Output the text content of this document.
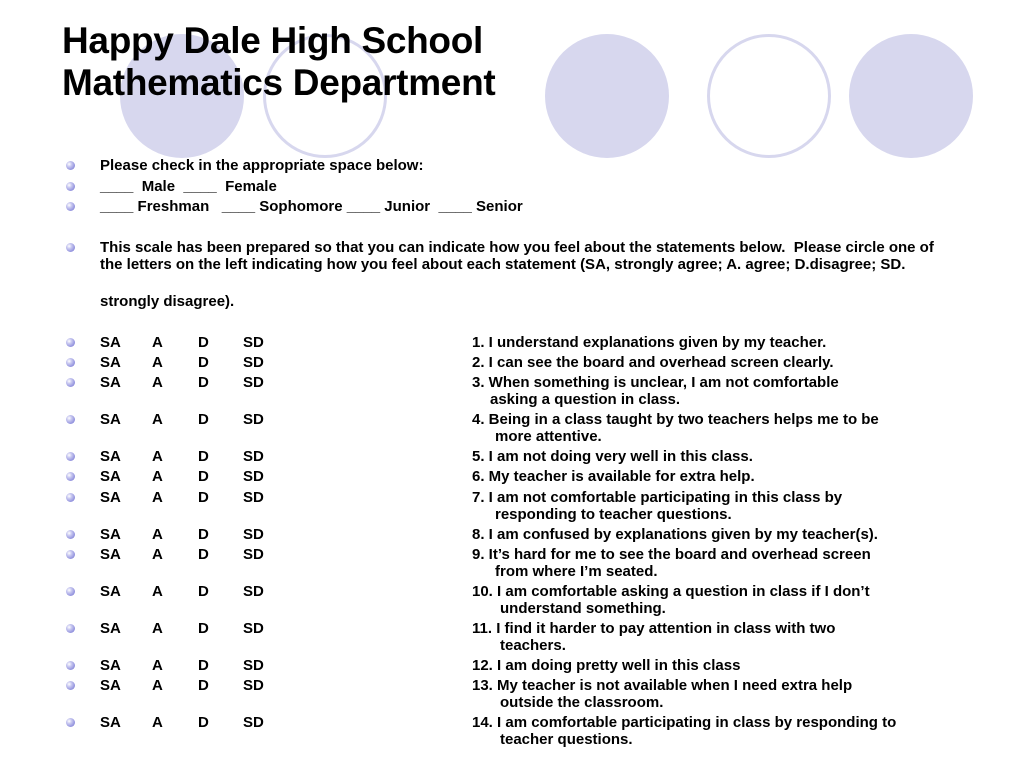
Happy Dale High School
Mathematics Department
Please check in the appropriate space below:
____  Male  ____  Female
____ Freshman   ____ Sophomore ____ Junior  ____ Senior
This scale has been prepared so that you can indicate how you feel about the statements below.  Please circle one of the letters on the left indicating how you feel about each statement (SA, strongly agree; A. agree; D.disagree; SD.
strongly disagree).
SA A D SD	1. I understand explanations given by my teacher.
SA A D SD	2. I can see the board and overhead screen clearly.
SA A D SD	3. When something is unclear, I am not comfortable
asking a question in class.
SA A D SD	4. Being in a class taught by two teachers helps me to be
more attentive.
SA A D SD	5. I am not doing very well in this class.
SA A D SD	6. My teacher is available for extra help.
SA A D SD	7. I am not comfortable participating in this class by
responding to teacher questions.
SA A D SD	8. I am confused by explanations given by my teacher(s).
SA A D SD	9. It’s hard for me to see the board and overhead screen
from where I’m seated.
SA A D SD	10. I am comfortable asking a question in class if I don’t
understand something.
SA A D SD	11. I find it harder to pay attention in class with two
teachers.
SA A D SD	12. I am doing pretty well in this class
SA A D SD	13. My teacher is not available when I need extra help
outside the classroom.
SA A D SD	14. I am comfortable participating in class by responding to
teacher questions.
